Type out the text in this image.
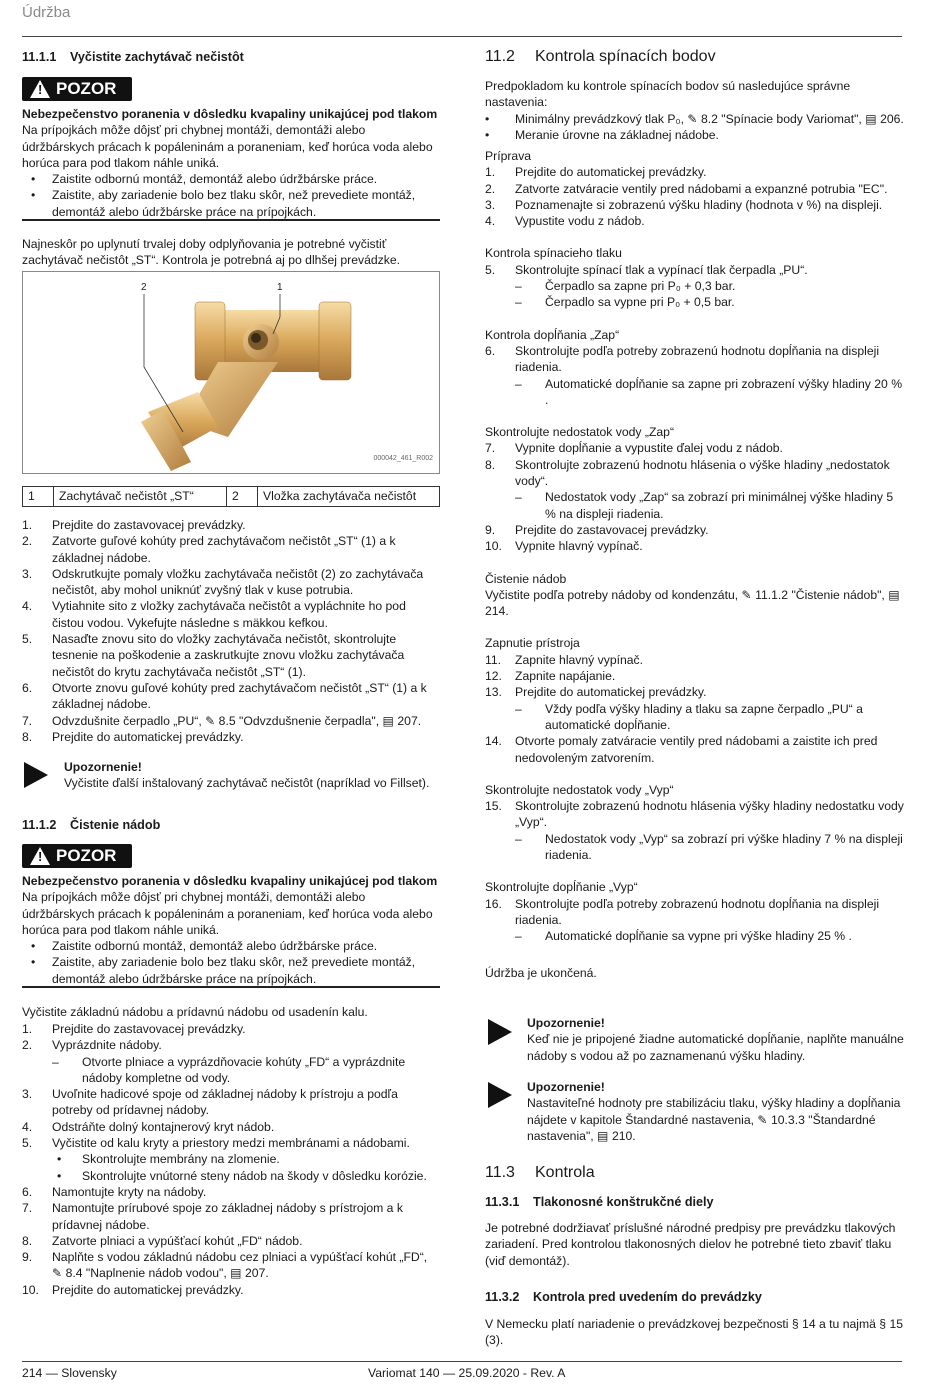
Údržba
11.1.1 Vyčistite zachytávač nečistôt
! POZOR
Nebezpečenstvo poranenia v dôsledku kvapaliny unikajúcej pod tlakom
Na prípojkách môže dôjsť pri chybnej montáži, demontáži alebo údržbárskych prácach k popáleninám a poraneniam, keď horúca voda alebo horúca para pod tlakom náhle uniká.
• Zaistite odbornú montáž, demontáž alebo údržbárske práce.
• Zaistite, aby zariadenie bolo bez tlaku skôr, než prevediete montáž, demontáž alebo údržbárske práce na prípojkách.
Najneskôr po uplynutí trvalej doby odplyňovania je potrebné vyčistiť zachytávač nečistôt „ST“. Kontrola je potrebná aj po dlhšej prevádzke.
2	1
000042_461_R002
1	Zachytávač nečistôt „ST“	2	Vložka zachytávača nečistôt
1. Prejdite do zastavovacej prevádzky.
2. Zatvorte guľové kohúty pred zachytávačom nečistôt „ST“ (1) a k základnej nádobe.
3. Odskrutkujte pomaly vložku zachytávača nečistôt (2) zo zachytávača nečistôt, aby mohol uniknúť zvyšný tlak v kuse potrubia.
4. Vytiahnite sito z vložky zachytávača nečistôt a vypláchnite ho pod čistou vodou. Vykefujte následne s mäkkou kefkou.
5. Nasaďte znovu sito do vložky zachytávača nečistôt, skontrolujte tesnenie na poškodenie a zaskrutkujte znovu vložku zachytávača nečistôt do krytu zachytávača nečistôt „ST“ (1).
6. Otvorte znovu guľové kohúty pred zachytávačom nečistôt „ST“ (1) a k základnej nádobe.
7. Odvzdušnite čerpadlo „PU“, ✎ 8.5 "Odvzdušnenie čerpadla", ▤ 207.
8. Prejdite do automatickej prevádzky.
Upozornenie!
Vyčistite ďalší inštalovaný zachytávač nečistôt (napríklad vo Fillset).
11.1.2 Čistenie nádob
! POZOR
Nebezpečenstvo poranenia v dôsledku kvapaliny unikajúcej pod tlakom
Na prípojkách môže dôjsť pri chybnej montáži, demontáži alebo údržbárskych prácach k popáleninám a poraneniam, keď horúca voda alebo horúca para pod tlakom náhle uniká.
• Zaistite odbornú montáž, demontáž alebo údržbárske práce.
• Zaistite, aby zariadenie bolo bez tlaku skôr, než prevediete montáž, demontáž alebo údržbárske práce na prípojkách.
Vyčistite základnú nádobu a prídavnú nádobu od usadenín kalu.
1. Prejdite do zastavovacej prevádzky.
2. Vyprázdnite nádoby.
– Otvorte plniace a vyprázdňovacie kohúty „FD“ a vyprázdnite nádoby kompletne od vody.
3. Uvoľnite hadicové spoje od základnej nádoby k prístroju a podľa potreby od prídavnej nádoby.
4. Odstráňte dolný kontajnerový kryt nádob.
5. Vyčistite od kalu kryty a priestory medzi membránami a nádobami.
• Skontrolujte membrány na zlomenie.
• Skontrolujte vnútorné steny nádob na škody v dôsledku korózie.
6. Namontujte kryty na nádoby.
7. Namontujte prírubové spoje zo základnej nádoby s prístrojom a k prídavnej nádobe.
8. Zatvorte plniaci a vypúšťací kohút „FD“ nádob.
9. Naplňte s vodou základnú nádobu cez plniaci a vypúšťací kohút „FD“, ✎ 8.4 "Naplnenie nádob vodou", ▤ 207.
10. Prejdite do automatickej prevádzky.
11.2 Kontrola spínacích bodov
Predpokladom ku kontrole spínacích bodov sú nasledujúce správne nastavenia:
• Minimálny prevádzkový tlak P₀, ✎ 8.2 "Spínacie body Variomat", ▤ 206.
• Meranie úrovne na základnej nádobe.
Príprava
1. Prejdite do automatickej prevádzky.
2. Zatvorte zatváracie ventily pred nádobami a expanzné potrubia "EC".
3. Poznamenajte si zobrazenú výšku hladiny (hodnota v %) na displeji.
4. Vypustite vodu z nádob.
Kontrola spínacieho tlaku
5. Skontrolujte spínací tlak a vypínací tlak čerpadla „PU“.
– Čerpadlo sa zapne pri P₀ + 0,3 bar.
– Čerpadlo sa vypne pri P₀ + 0,5 bar.
Kontrola dopĺňania „Zap“
6. Skontrolujte podľa potreby zobrazenú hodnotu dopĺňania na displeji riadenia.
– Automatické dopĺňanie sa zapne pri zobrazení výšky hladiny 20 % .
Skontrolujte nedostatok vody „Zap“
7. Vypnite dopĺňanie a vypustite ďalej vodu z nádob.
8. Skontrolujte zobrazenú hodnotu hlásenia o výške hladiny „nedostatok vody“.
– Nedostatok vody „Zap“ sa zobrazí pri minimálnej výške hladiny 5 % na displeji riadenia.
9. Prejdite do zastavovacej prevádzky.
10. Vypnite hlavný vypínač.
Čistenie nádob
Vyčistite podľa potreby nádoby od kondenzátu, ✎ 11.1.2 "Čistenie nádob", ▤ 214.
Zapnutie prístroja
11. Zapnite hlavný vypínač.
12. Zapnite napájanie.
13. Prejdite do automatickej prevádzky.
– Vždy podľa výšky hladiny a tlaku sa zapne čerpadlo „PU“ a automatické dopĺňanie.
14. Otvorte pomaly zatváracie ventily pred nádobami a zaistite ich pred nedovoleným zatvorením.
Skontrolujte nedostatok vody „Vyp“
15. Skontrolujte zobrazenú hodnotu hlásenia výšky hladiny nedostatku vody „Vyp“.
– Nedostatok vody „Vyp“ sa zobrazí pri výške hladiny 7 % na displeji riadenia.
Skontrolujte dopĺňanie „Vyp“
16. Skontrolujte podľa potreby zobrazenú hodnotu dopĺňania na displeji riadenia.
– Automatické dopĺňanie sa vypne pri výške hladiny 25 % .
Údržba je ukončená.
Upozornenie!
Keď nie je pripojené žiadne automatické dopĺňanie, naplňte manuálne nádoby s vodou až po zaznamenanú výšku hladiny.
Upozornenie!
Nastaviteľné hodnoty pre stabilizáciu tlaku, výšky hladiny a dopĺňania nájdete v kapitole Štandardné nastavenia, ✎ 10.3.3 "Štandardné nastavenia", ▤ 210.
11.3 Kontrola
11.3.1 Tlakonosné konštrukčné diely
Je potrebné dodržiavať príslušné národné predpisy pre prevádzku tlakových zariadení. Pred kontrolou tlakonosných dielov he potrebné tieto zbaviť tlaku (viď demontáž).
11.3.2 Kontrola pred uvedením do prevádzky
V Nemecku platí nariadenie o prevádzkovej bezpečnosti § 14 a tu najmä § 15 (3).
214 — Slovensky	Variomat 140 — 25.09.2020 - Rev. A
